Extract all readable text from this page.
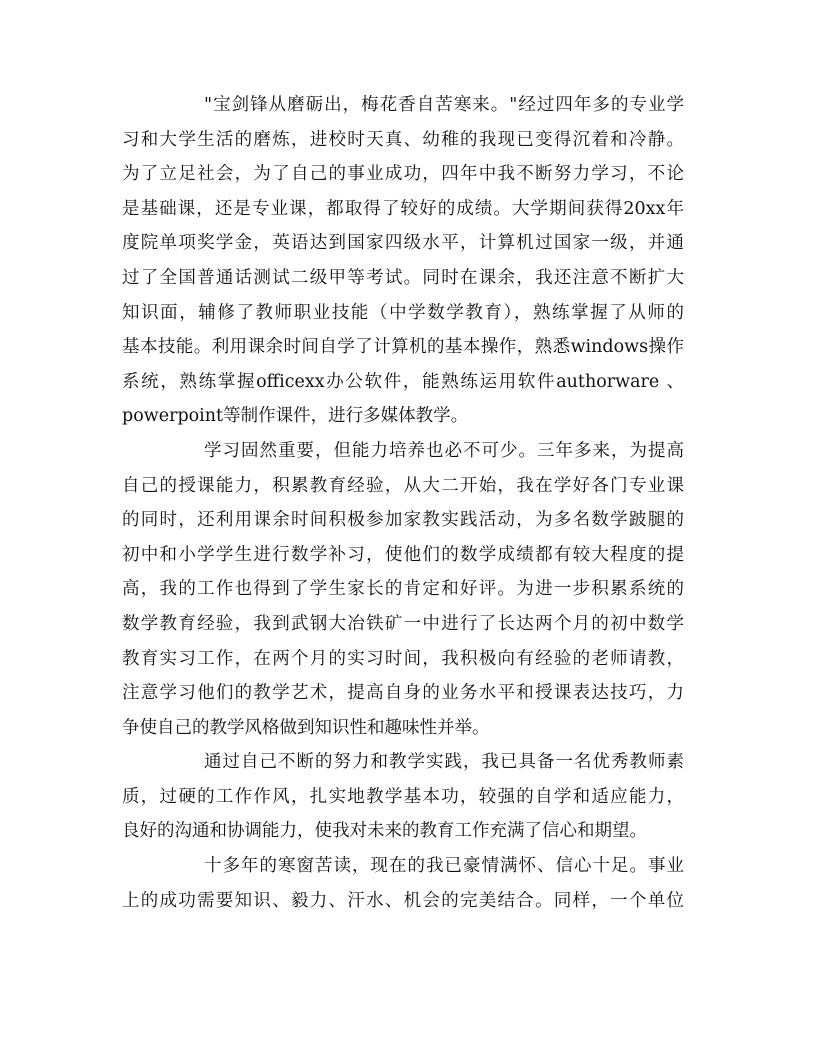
"宝剑锋从磨砺出，梅花香自苦寒来。"经过四年多的专业学
习和大学生活的磨炼，进校时天真、幼稚的我现已变得沉着和冷静。
为了立足社会，为了自己的事业成功，四年中我不断努力学习，不论
是基础课，还是专业课，都取得了较好的成绩。大学期间获得20xx年
度院单项奖学金，英语达到国家四级水平，计算机过国家一级，并通
过了全国普通话测试二级甲等考试。同时在课余，我还注意不断扩大
知识面，辅修了教师职业技能（中学数学教育），熟练掌握了从师的
基本技能。利用课余时间自学了计算机的基本操作，熟悉windows操作
系统，熟练掌握officexx办公软件，能熟练运用软件authorware 、
powerpoint等制作课件，进行多媒体教学。
学习固然重要，但能力培养也必不可少。三年多来，为提高
自己的授课能力，积累教育经验，从大二开始，我在学好各门专业课
的同时，还利用课余时间积极参加家教实践活动，为多名数学跛腿的
初中和小学学生进行数学补习，使他们的数学成绩都有较大程度的提
高，我的工作也得到了学生家长的肯定和好评。为进一步积累系统的
数学教育经验，我到武钢大冶铁矿一中进行了长达两个月的初中数学
教育实习工作，在两个月的实习时间，我积极向有经验的老师请教，
注意学习他们的教学艺术，提高自身的业务水平和授课表达技巧，力
争使自己的教学风格做到知识性和趣味性并举。
通过自己不断的努力和教学实践，我已具备一名优秀教师素
质，过硬的工作作风，扎实地教学基本功，较强的自学和适应能力，
良好的沟通和协调能力，使我对未来的教育工作充满了信心和期望。
十多年的寒窗苦读，现在的我已豪情满怀、信心十足。事业
上的成功需要知识、毅力、汗水、机会的完美结合。同样，一个单位
